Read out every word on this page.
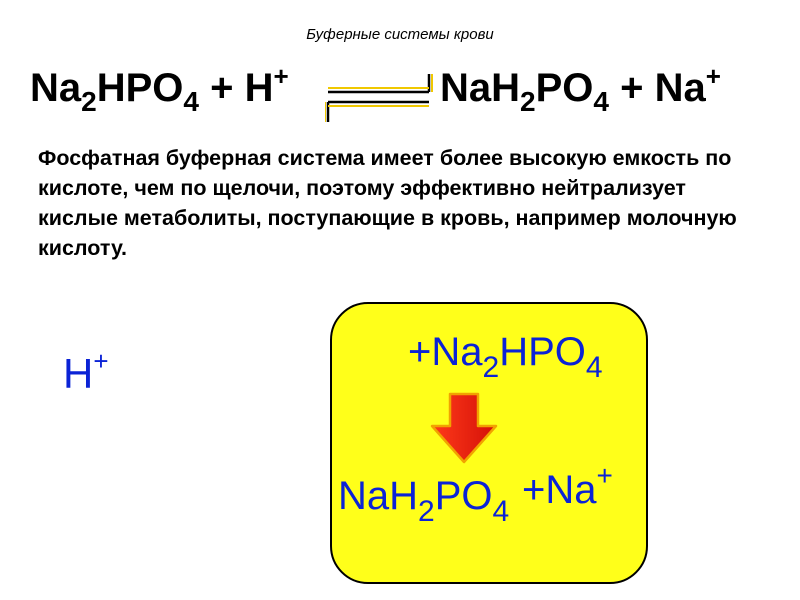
Буферные системы крови
$Na_2HPO_4 + H^+$	$NaH_2PO_4 + Na^+$
Фосфатная буферная система имеет более высокую емкость по кислоте, чем по щелочи, поэтому эффективно нейтрализует кислые метаболиты, поступающие в кровь, например молочную кислоту.
H+	$+Na_2HPO_4$
$NaH_2PO_4 +Na^+$
